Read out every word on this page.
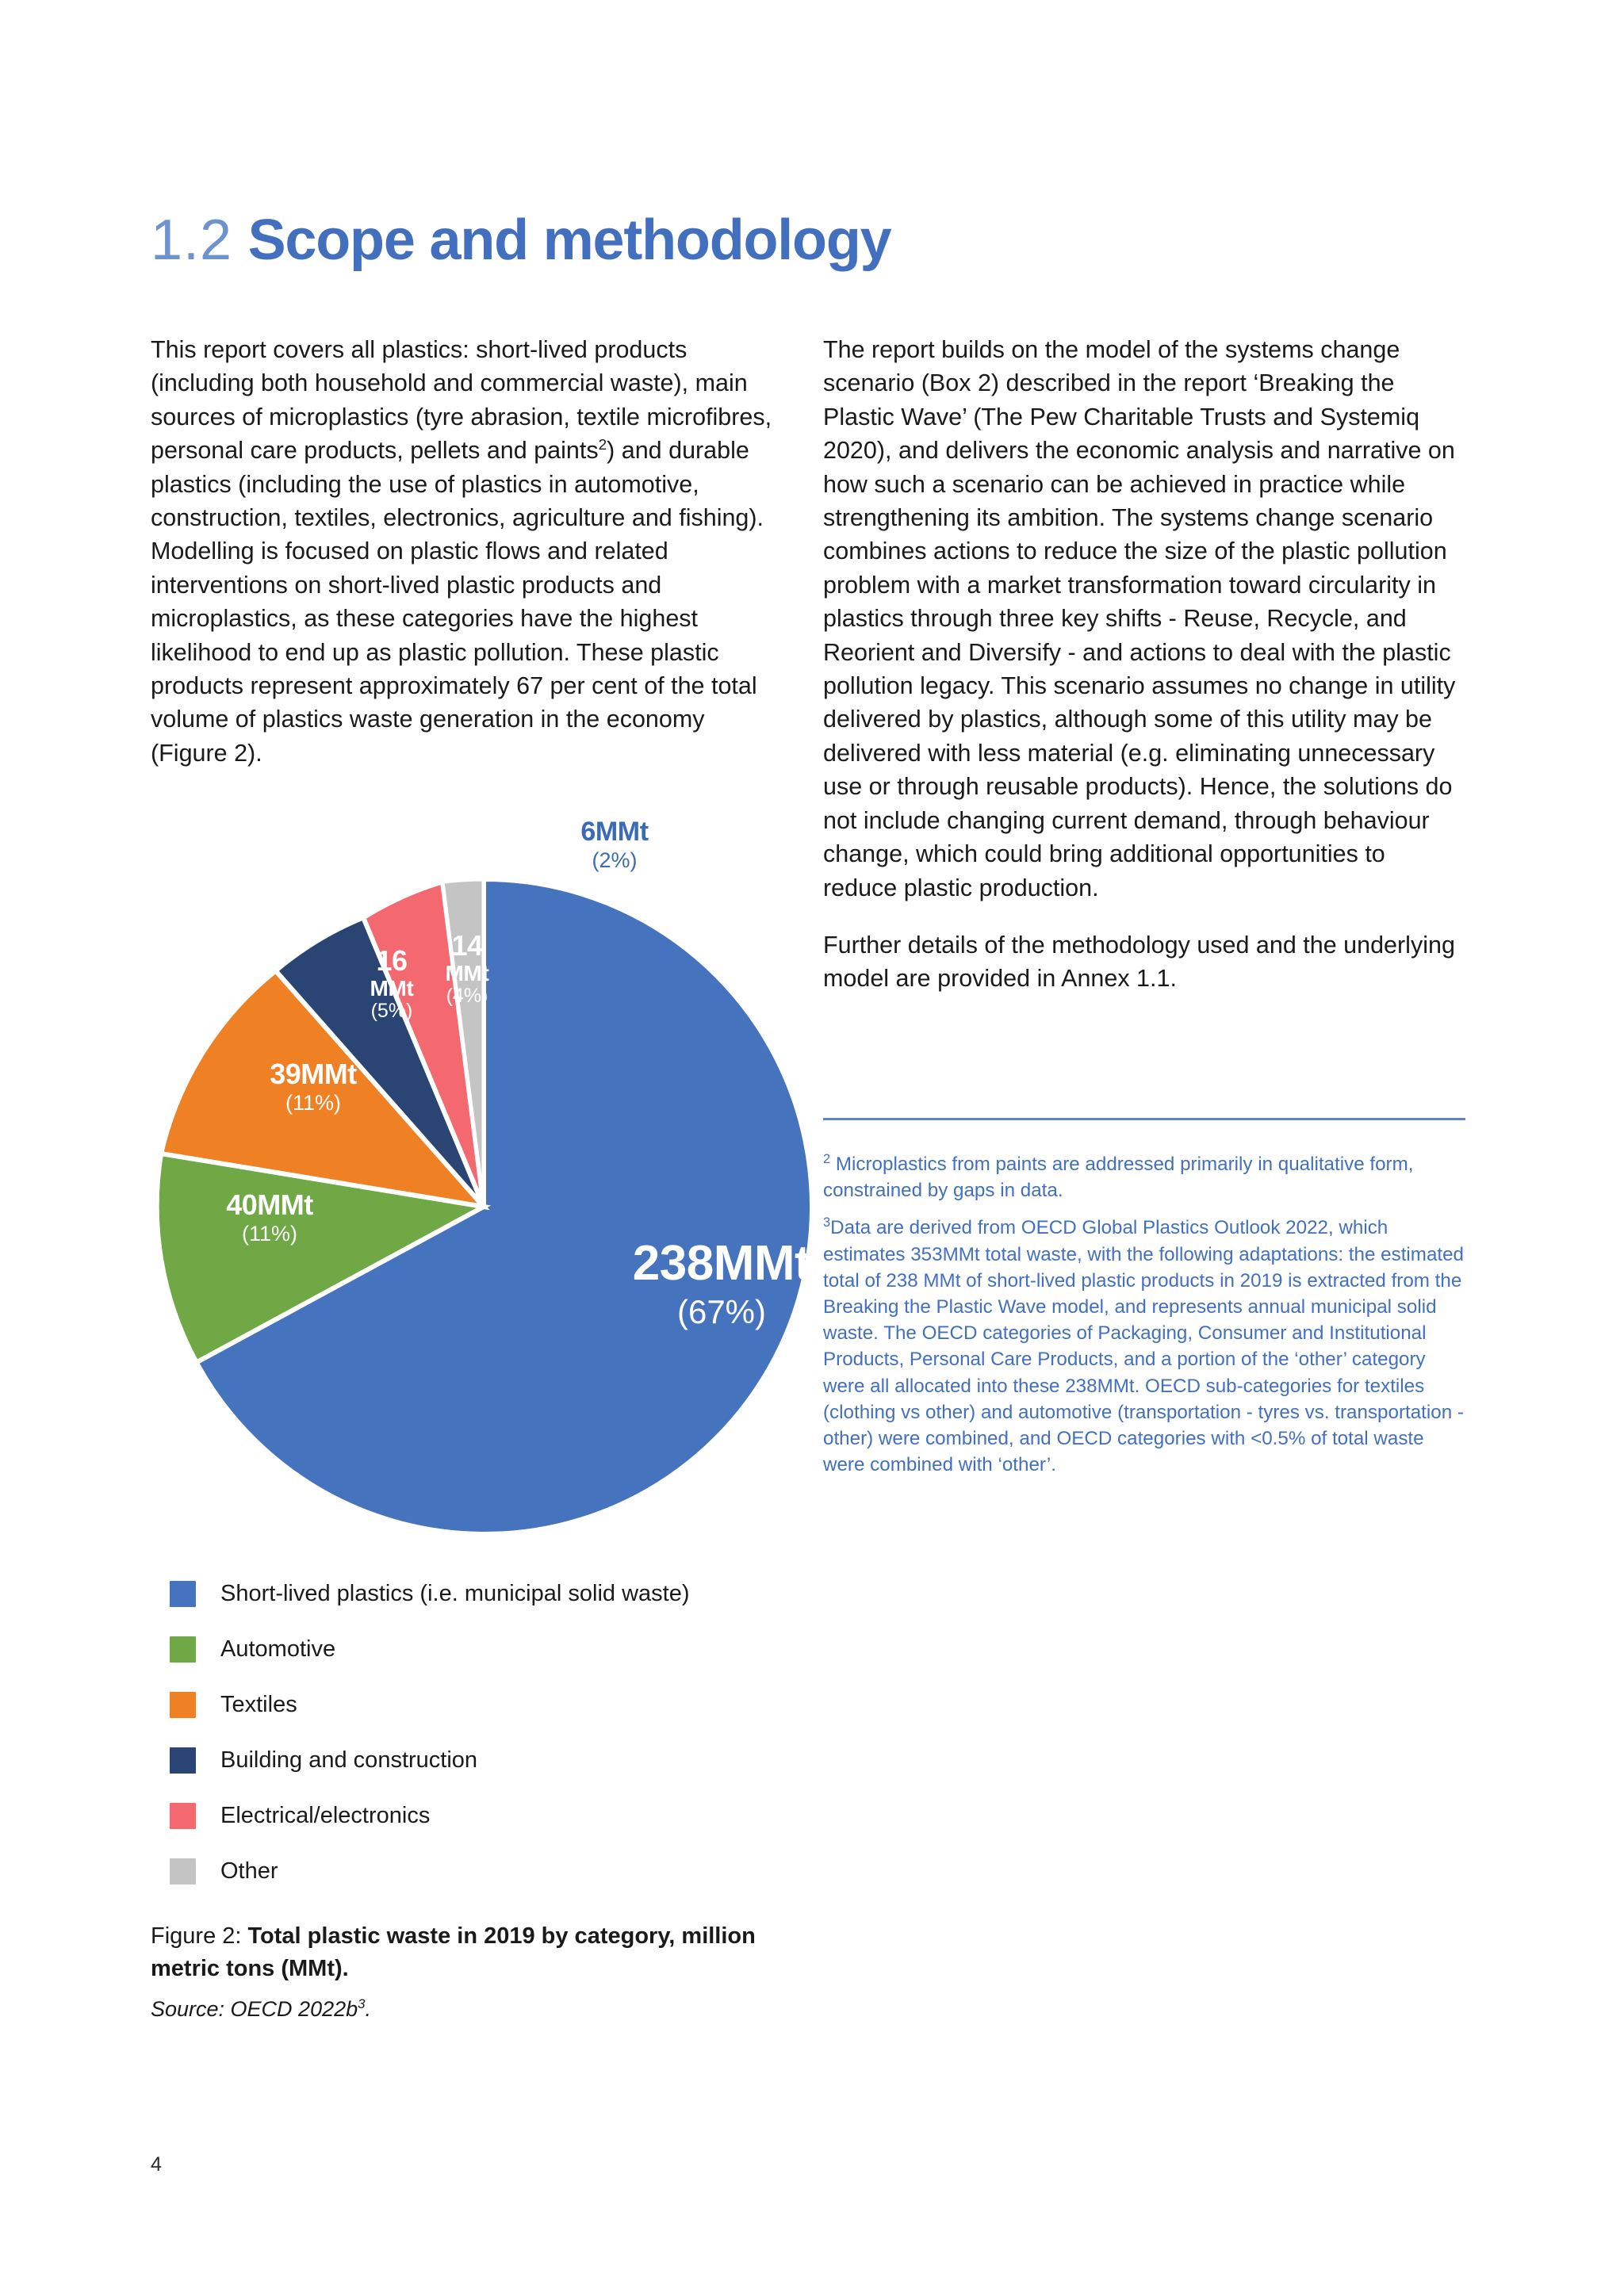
1.2 Scope and methodology

This report covers all plastics: short-lived products (including both household and commercial waste), main sources of microplastics (tyre abrasion, textile microfibres, personal care products, pellets and paints$^2$) and durable plastics (including the use of plastics in automotive, construction, textiles, electronics, agriculture and fishing). Modelling is focused on plastic flows and related interventions on short-lived plastic products and microplastics, as these categories have the highest likelihood to end up as plastic pollution. These plastic products represent approximately 67 per cent of the total volume of plastics waste generation in the economy (Figure 2).

The report builds on the model of the systems change scenario (Box 2) described in the report ‘Breaking the Plastic Wave’ (The Pew Charitable Trusts and Systemiq 2020), and delivers the economic analysis and narrative on how such a scenario can be achieved in practice while strengthening its ambition. The systems change scenario combines actions to reduce the size of the plastic pollution problem with a market transformation toward circularity in plastics through three key shifts - Reuse, Recycle, and Reorient and Diversify - and actions to deal with the plastic pollution legacy. This scenario assumes no change in utility delivered by plastics, although some of this utility may be delivered with less material (e.g. eliminating unnecessary use or through reusable products). Hence, the solutions do not include changing current demand, through behaviour change, which could bring additional opportunities to reduce plastic production.

Further details of the methodology used and the underlying model are provided in Annex 1.1.

$^2$ Microplastics from paints are addressed primarily in qualitative form, constrained by gaps in data.

$^3$Data are derived from OECD Global Plastics Outlook 2022, which estimates 353MMt total waste, with the following adaptations: the estimated total of 238 MMt of short-lived plastic products in 2019 is extracted from the Breaking the Plastic Wave model, and represents annual municipal solid waste. The OECD categories of Packaging, Consumer and Institutional Products, Personal Care Products, and a portion of the ‘other’ category were all allocated into these 238MMt. OECD sub-categories for textiles (clothing vs other) and automotive (transportation - tyres vs. transportation - other) were combined, and OECD categories with <0.5% of total waste were combined with ‘other’.

6MMt
(2%)
238MMt
(67%)
40MMt
(11%)
39MMt
(11%)
16
MMt
(5%)
14
MMt
(4%)
Short-lived plastics (i.e. municipal solid waste)
Automotive
Textiles
Building and construction
Electrical/electronics
Other

Figure 2: Total plastic waste in 2019 by category, million metric tons (MMt).

Source: OECD $2022b^3$.

4
